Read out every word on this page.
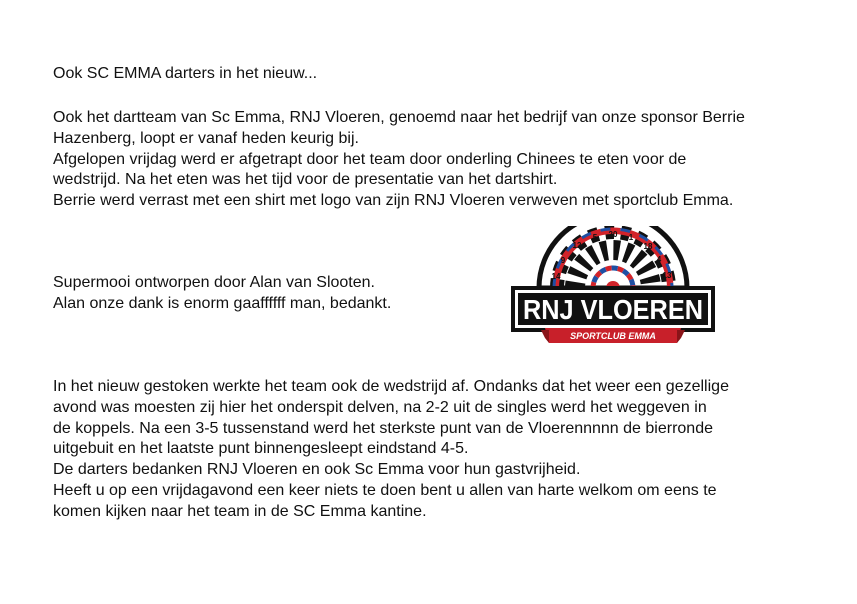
Ook SC EMMA darters in het nieuw...

Ook het dartteam van Sc Emma, RNJ Vloeren, genoemd naar het bedrijf van onze sponsor Berrie
Hazenberg, loopt er vanaf heden keurig bij.
Afgelopen vrijdag werd er afgetrapt door het team door onderling Chinees te eten voor de
wedstrijd. Na het eten was het tijd voor de presentatie van het dartshirt.
Berrie werd verrast met een shirt met logo van zijn RNJ Vloeren verweven met sportclub Emma.
Supermooi ontworpen door Alan van Slooten.
Alan onze dank is enorm gaaffffff man, bedankt.
14
9
12
5 20 1
18
4
13
RNJ VLOEREN
SPORTCLUB EMMA
In het nieuw gestoken werkte het team ook de wedstrijd af. Ondanks dat het weer een gezellige
avond was moesten zij hier het onderspit delven, na 2-2 uit de singles werd het weggeven in
de koppels. Na een 3-5 tussenstand werd het sterkste punt van de Vloerennnnn de bierronde
uitgebuit en het laatste punt binnengesleept eindstand 4-5.
De darters bedanken RNJ Vloeren en ook Sc Emma voor hun gastvrijheid.
Heeft u op een vrijdagavond een keer niets te doen bent u allen van harte welkom om eens te
komen kijken naar het team in de SC Emma kantine.
